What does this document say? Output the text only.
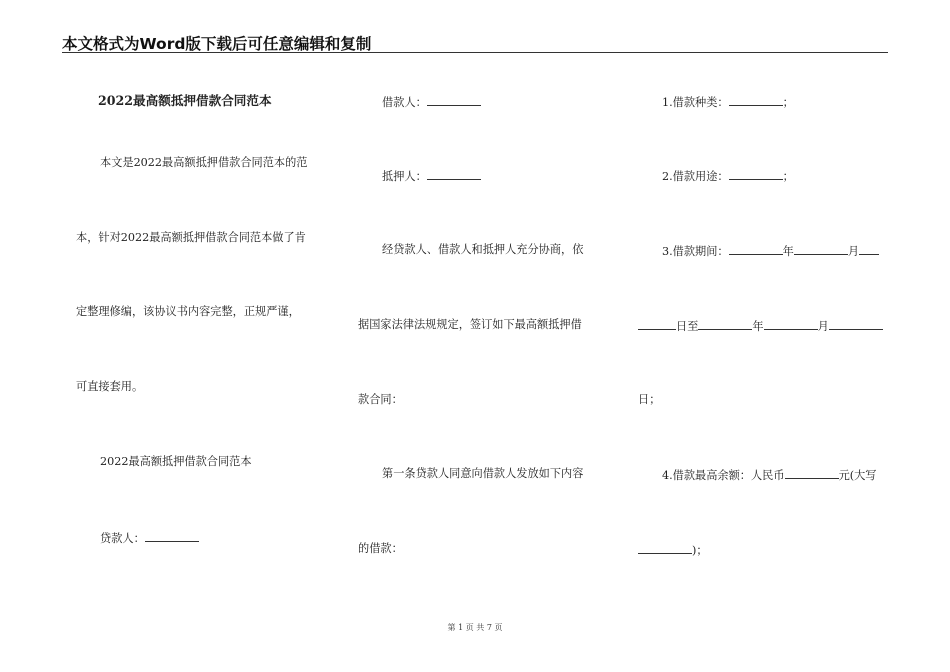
本文格式为Word版下载后可任意编辑和复制
2022最高额抵押借款合同范本
本文是2022最高额抵押借款合同范本的范
本，针对2022最高额抵押借款合同范本做了肯
定整理修编，该协议书内容完整，正规严谨，
可直接套用。
2022最高额抵押借款合同范本
贷款人：
借款人：
抵押人：
经贷款人、借款人和抵押人充分协商，依
据国家法律法规规定，签订如下最高额抵押借
款合同：
第一条贷款人同意向借款人发放如下内容
的借款：
1.借款种类：	；
2.借款用途：	；
3.借款期间：	年	月
日至	年	月
日；
4.借款最高余额：人民币	元(大写
)；
第 1 页 共 7 页
